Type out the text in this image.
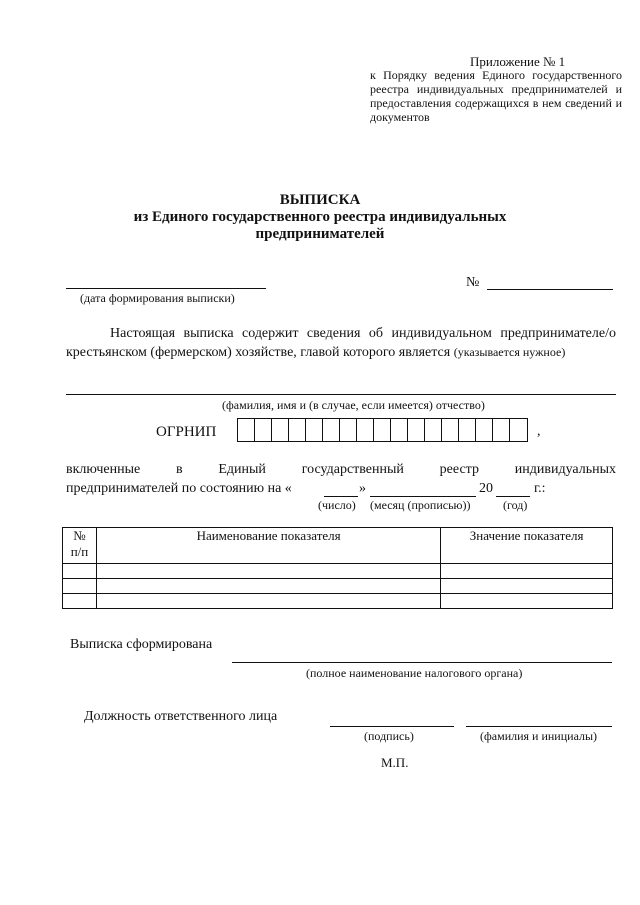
Приложение № 1
к Порядку ведения Единого государственного реестра индивидуальных предпринимателей и предоставления содержащихся в нем сведений и документов
ВЫПИСКА
из Единого государственного реестра индивидуальных
предпринимателей
(дата формирования выписки)
№
Настоящая выписка содержит сведения об индивидуальном предпринимателе/о крестьянском (фермерском) хозяйстве, главой которого является (указывается нужное)
(фамилия, имя и (в случае, если имеется) отчество)
ОГРНИП	,
включенные в Единый государственный реестр индивидуальных
предпринимателей по состоянию на «	»	20	г.:
(число) (месяц (прописью))	(год)
№
п/п	Наименование показателя	Значение показателя

Выписка сформирована
(полное наименование налогового органа)
Должность ответственного лица
(подпись)	(фамилия и инициалы)
М.П.
